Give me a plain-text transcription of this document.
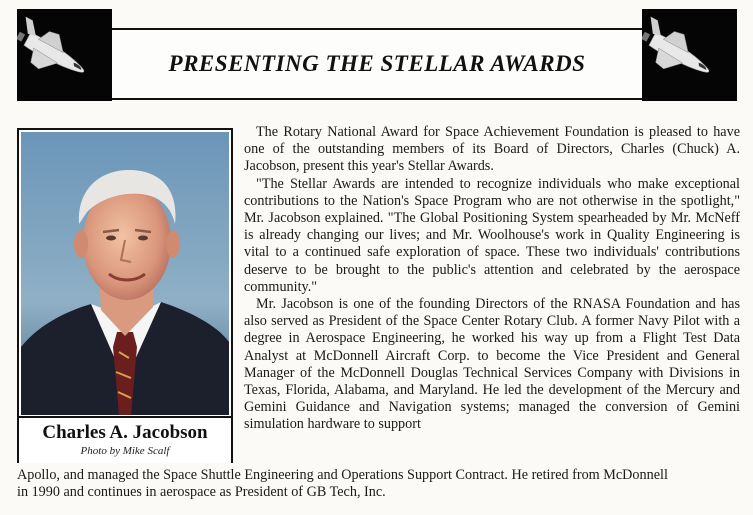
PRESENTING THE STELLAR AWARDS
Charles A. Jacobson
Photo by Mike Scalf

The Rotary National Award for Space Achievement Foundation is pleased to have one of the outstanding members of its Board of Directors, Charles (Chuck) A. Jacobson, present this year's Stellar Awards.

"The Stellar Awards are intended to recognize individuals who make exceptional contributions to the Nation's Space Program who are not otherwise in the spotlight," Mr. Jacobson explained. "The Global Positioning System spearheaded by Mr. McNeff is already changing our lives; and Mr. Woolhouse's work in Quality Engineering is vital to a continued safe exploration of space. These two individuals' contributions deserve to be brought to the public's attention and celebrated by the aerospace community."

Mr. Jacobson is one of the founding Directors of the RNASA Foundation and has also served as President of the Space Center Rotary Club. A former Navy Pilot with a degree in Aerospace Engineering, he worked his way up from a Flight Test Data Analyst at McDonnell Aircraft Corp. to become the Vice President and General Manager of the McDonnell Douglas Technical Services Company with Divisions in Texas, Florida, Alabama, and Maryland. He led the development of the Mercury and Gemini Guidance and Navigation systems; managed the conversion of Gemini simulation hardware to support

Apollo, and managed the Space Shuttle Engineering and Operations Support Contract. He retired from McDonnell
in 1990 and continues in aerospace as President of GB Tech, Inc.
